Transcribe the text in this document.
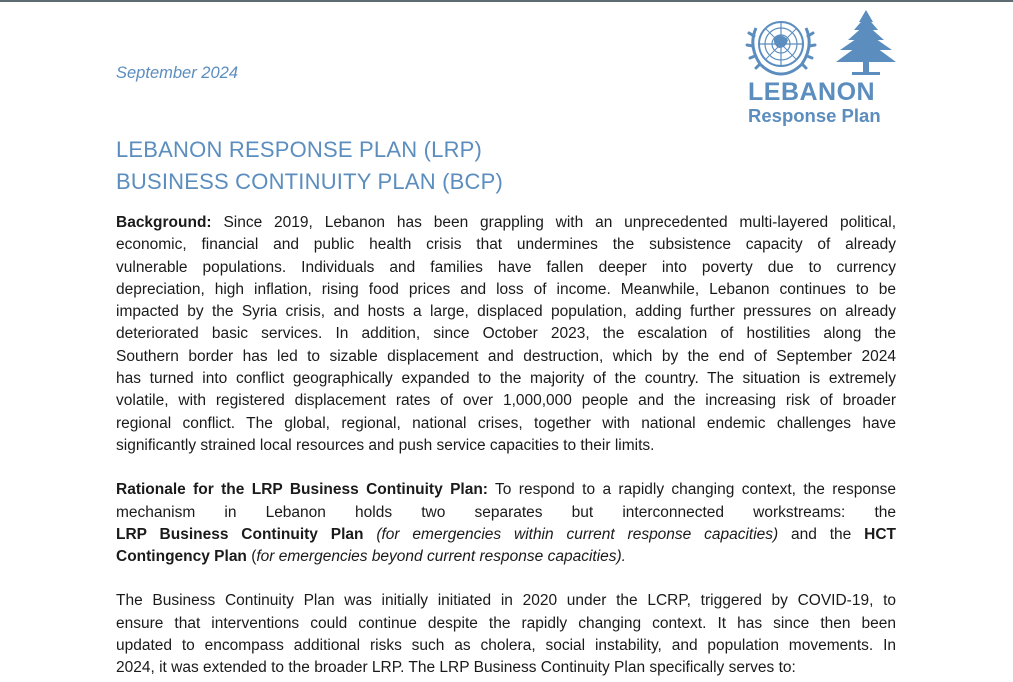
September 2024
LEBANON
Response Plan
LEBANON RESPONSE PLAN (LRP)
BUSINESS CONTINUITY PLAN (BCP)
Background: Since 2019, Lebanon has been grappling with an unprecedented multi-layered political,
economic, financial and public health crisis that undermines the subsistence capacity of already
vulnerable populations. Individuals and families have fallen deeper into poverty due to currency
depreciation, high inflation, rising food prices and loss of income. Meanwhile, Lebanon continues to be
impacted by the Syria crisis, and hosts a large, displaced population, adding further pressures on already
deteriorated basic services. In addition, since October 2023, the escalation of hostilities along the
Southern border has led to sizable displacement and destruction, which by the end of September 2024
has turned into conflict geographically expanded to the majority of the country. The situation is extremely
volatile, with registered displacement rates of over 1,000,000 people and the increasing risk of broader
regional conflict. The global, regional, national crises, together with national endemic challenges have
significantly strained local resources and push service capacities to their limits.
Rationale for the LRP Business Continuity Plan: To respond to a rapidly changing context, the response
mechanism in Lebanon holds two separates but interconnected workstreams: the
LRP Business Continuity Plan (for emergencies within current response capacities) and the HCT
Contingency Plan (for emergencies beyond current response capacities).
The Business Continuity Plan was initially initiated in 2020 under the LCRP, triggered by COVID-19, to
ensure that interventions could continue despite the rapidly changing context. It has since then been
updated to encompass additional risks such as cholera, social instability, and population movements. In
2024, it was extended to the broader LRP. The LRP Business Continuity Plan specifically serves to:
